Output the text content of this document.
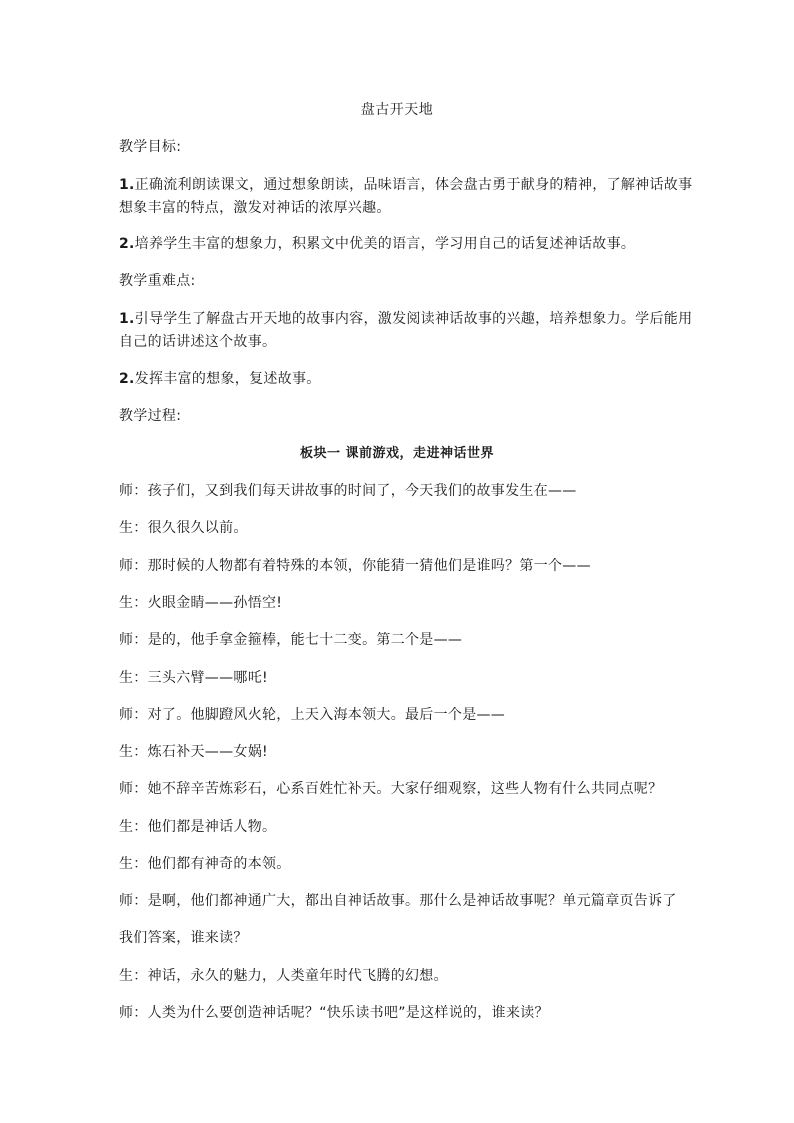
盘古开天地
教学目标:
1.正确流利朗读课文，通过想象朗读，品味语言，体会盘古勇于献身的精神，了解神话故事
想象丰富的特点，激发对神话的浓厚兴趣。
2.培养学生丰富的想象力，积累文中优美的语言，学习用自己的话复述神话故事。
教学重难点:
1.引导学生了解盘古开天地的故事内容，激发阅读神话故事的兴趣，培养想象力。学后能用
自己的话讲述这个故事。
2.发挥丰富的想象，复述故事。
教学过程:
板块一 课前游戏，走进神话世界
师：孩子们，又到我们每天讲故事的时间了，今天我们的故事发生在——
生：很久很久以前。
师：那时候的人物都有着特殊的本领，你能猜一猜他们是谁吗？第一个——
生：火眼金睛——孙悟空!
师：是的，他手拿金箍棒，能七十二变。第二个是——
生：三头六臂——哪吒!
师：对了。他脚蹬风火轮，上天入海本领大。最后一个是——
生：炼石补天——女娲!
师：她不辞辛苦炼彩石，心系百姓忙补天。大家仔细观察，这些人物有什么共同点呢？
生：他们都是神话人物。
生：他们都有神奇的本领。
师：是啊，他们都神通广大，都出自神话故事。那什么是神话故事呢？单元篇章页告诉了
我们答案，谁来读？
生：神话，永久的魅力，人类童年时代飞腾的幻想。
师：人类为什么要创造神话呢？“快乐读书吧”是这样说的，谁来读？
